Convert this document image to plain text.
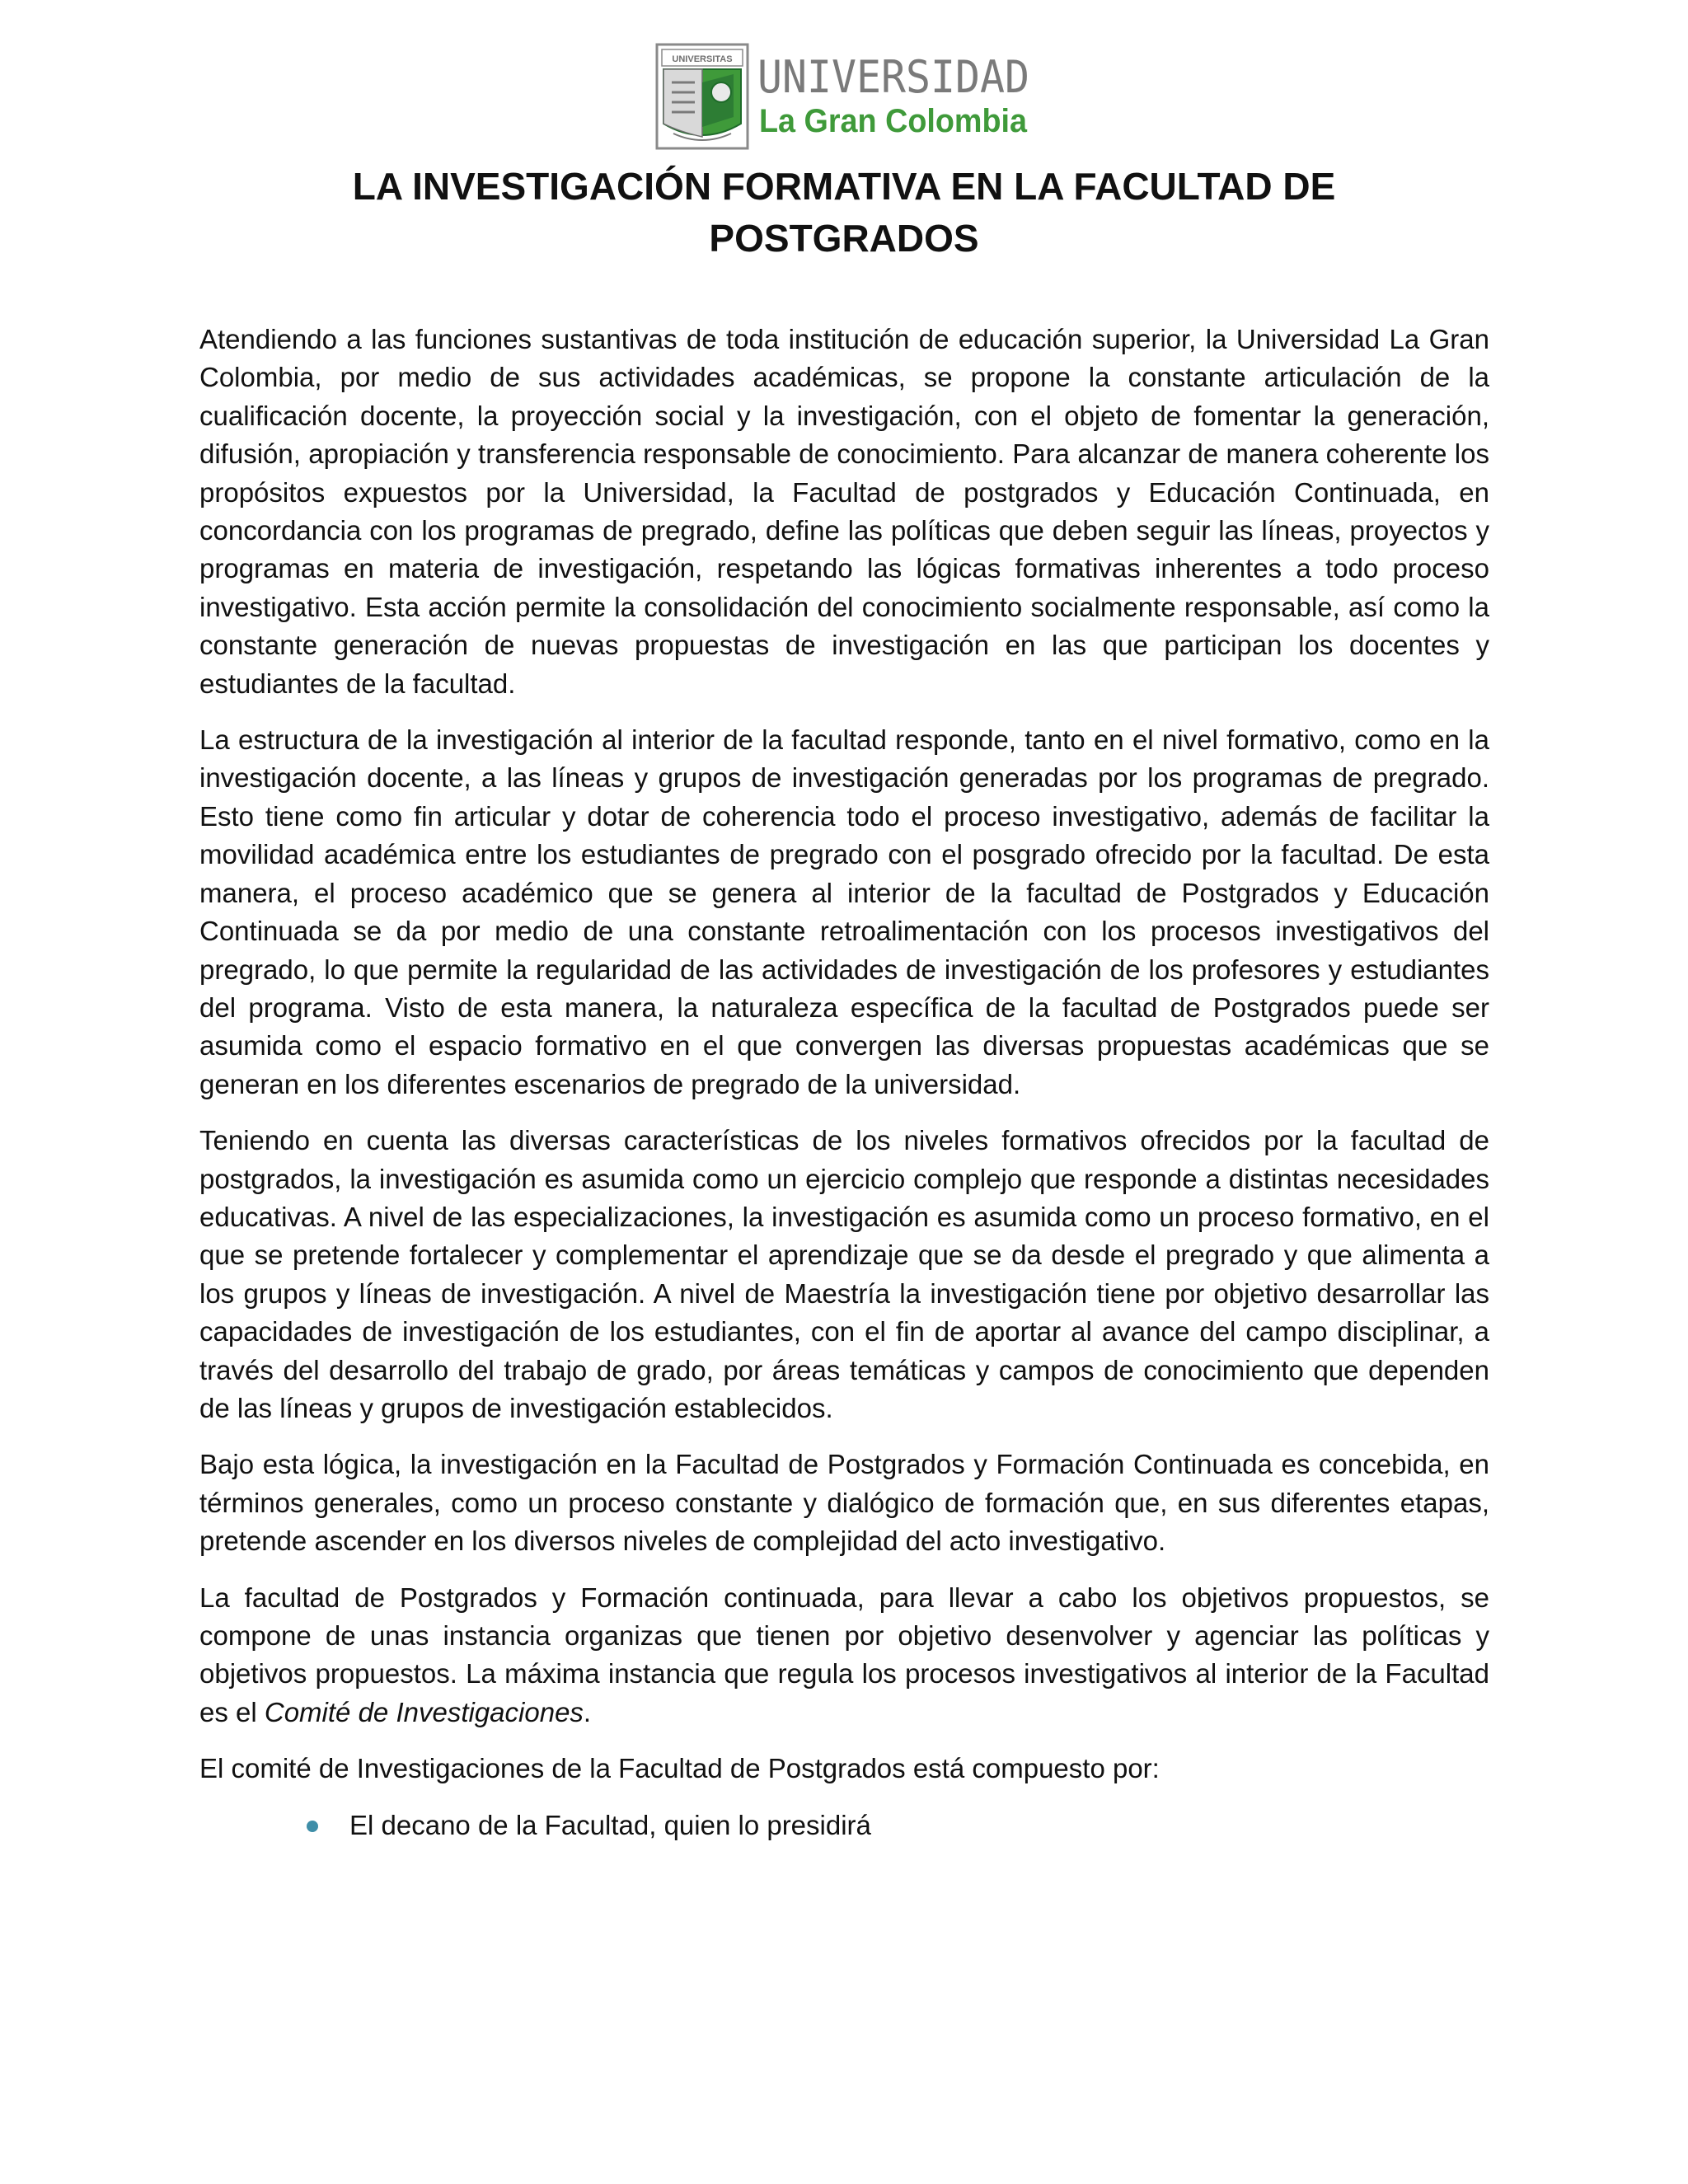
UNIVERSITAS UNIVERSIDAD
La Gran Colombia
LA INVESTIGACIÓN FORMATIVA EN LA FACULTAD DE POSTGRADOS

Atendiendo a las funciones sustantivas de toda institución de educación superior, la Universidad La Gran Colombia, por medio de sus actividades académicas, se propone la constante articulación de la cualificación docente, la proyección social y la investigación, con el objeto de fomentar la generación, difusión, apropiación y transferencia responsable de conocimiento. Para alcanzar de manera coherente los propósitos expuestos por la Universidad, la Facultad de postgrados y Educación Continuada, en concordancia con los programas de pregrado, define las políticas que deben seguir las líneas, proyectos y programas en materia de investigación, respetando las lógicas formativas inherentes a todo proceso investigativo. Esta acción permite la consolidación del conocimiento socialmente responsable, así como la constante generación de nuevas propuestas de investigación en las que participan los docentes y estudiantes de la facultad.

La estructura de la investigación al interior de la facultad responde, tanto en el nivel formativo, como en la investigación docente, a las líneas y grupos de investigación generadas por los programas de pregrado. Esto tiene como fin articular y dotar de coherencia todo el proceso investigativo, además de facilitar la movilidad académica entre los estudiantes de pregrado con el posgrado ofrecido por la facultad. De esta manera, el proceso académico que se genera al interior de la facultad de Postgrados y Educación Continuada se da por medio de una constante retroalimentación con los procesos investigativos del pregrado, lo que permite la regularidad de las actividades de investigación de los profesores y estudiantes del programa. Visto de esta manera, la naturaleza específica de la facultad de Postgrados puede ser asumida como el espacio formativo en el que convergen las diversas propuestas académicas que se generan en los diferentes escenarios de pregrado de la universidad.

Teniendo en cuenta las diversas características de los niveles formativos ofrecidos por la facultad de postgrados, la investigación es asumida como un ejercicio complejo que responde a distintas necesidades educativas. A nivel de las especializaciones, la investigación es asumida como un proceso formativo, en el que se pretende fortalecer y complementar el aprendizaje que se da desde el pregrado y que alimenta a los grupos y líneas de investigación. A nivel de Maestría la investigación tiene por objetivo desarrollar las capacidades de investigación de los estudiantes, con el fin de aportar al avance del campo disciplinar, a través del desarrollo del trabajo de grado, por áreas temáticas y campos de conocimiento que dependen de las líneas y grupos de investigación establecidos.

Bajo esta lógica, la investigación en la Facultad de Postgrados y Formación Continuada es concebida, en términos generales, como un proceso constante y dialógico de formación que, en sus diferentes etapas, pretende ascender en los diversos niveles de complejidad del acto investigativo.

La facultad de Postgrados y Formación continuada, para llevar a cabo los objetivos propuestos, se compone de unas instancia organizas que tienen por objetivo desenvolver y agenciar las políticas y objetivos propuestos. La máxima instancia que regula los procesos investigativos al interior de la Facultad es el Comité de Investigaciones.

El comité de Investigaciones de la Facultad de Postgrados está compuesto por:

El decano de la Facultad, quien lo presidirá
